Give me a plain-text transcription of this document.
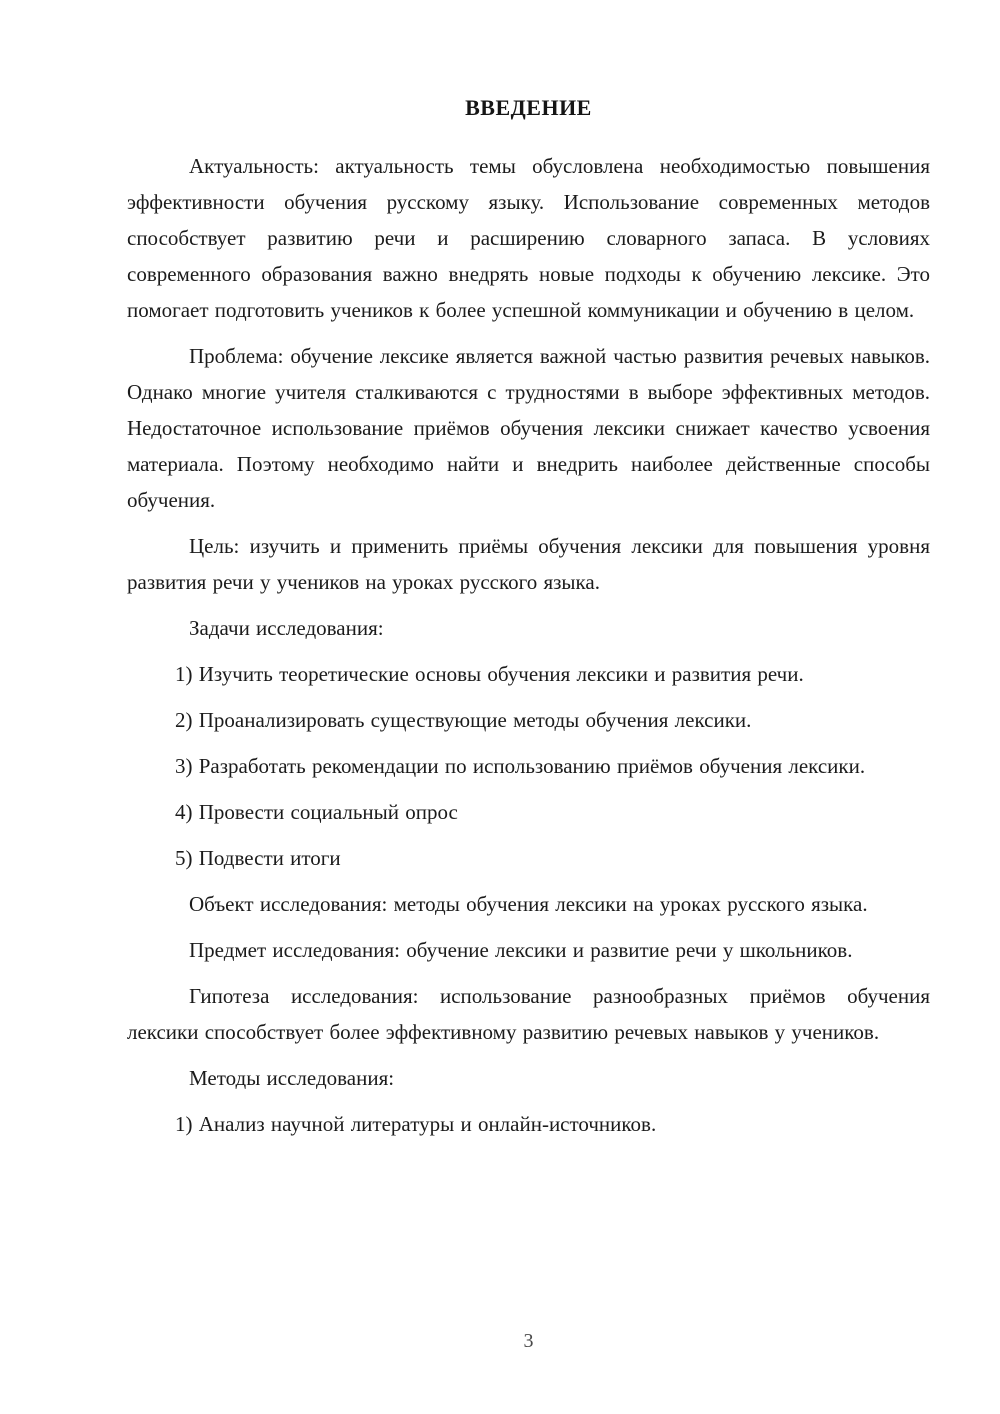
ВВЕДЕНИЕ

Актуальность: актуальность темы обусловлена необходимостью повышения эффективности обучения русскому языку. Использование современных методов способствует развитию речи и расширению словарного запаса. В условиях современного образования важно внедрять новые подходы к обучению лексике. Это помогает подготовить учеников к более успешной коммуникации и обучению в целом.

Проблема: обучение лексике является важной частью развития речевых навыков. Однако многие учителя сталкиваются с трудностями в выборе эффективных методов. Недостаточное использование приёмов обучения лексики снижает качество усвоения материала. Поэтому необходимо найти и внедрить наиболее действенные способы обучения.

Цель: изучить и применить приёмы обучения лексики для повышения уровня развития речи у учеников на уроках русского языка.

Задачи исследования:

1) Изучить теоретические основы обучения лексики и развития речи.

2) Проанализировать существующие методы обучения лексики.

3) Разработать рекомендации по использованию приёмов обучения лексики.

4) Провести социальный опрос

5) Подвести итоги

Объект исследования: методы обучения лексики на уроках русского языка.

Предмет исследования: обучение лексики и развитие речи у школьников.

Гипотеза исследования: использование разнообразных приёмов обучения лексики способствует более эффективному развитию речевых навыков у учеников.

Методы исследования:

1) Анализ научной литературы и онлайн-источников.

3
